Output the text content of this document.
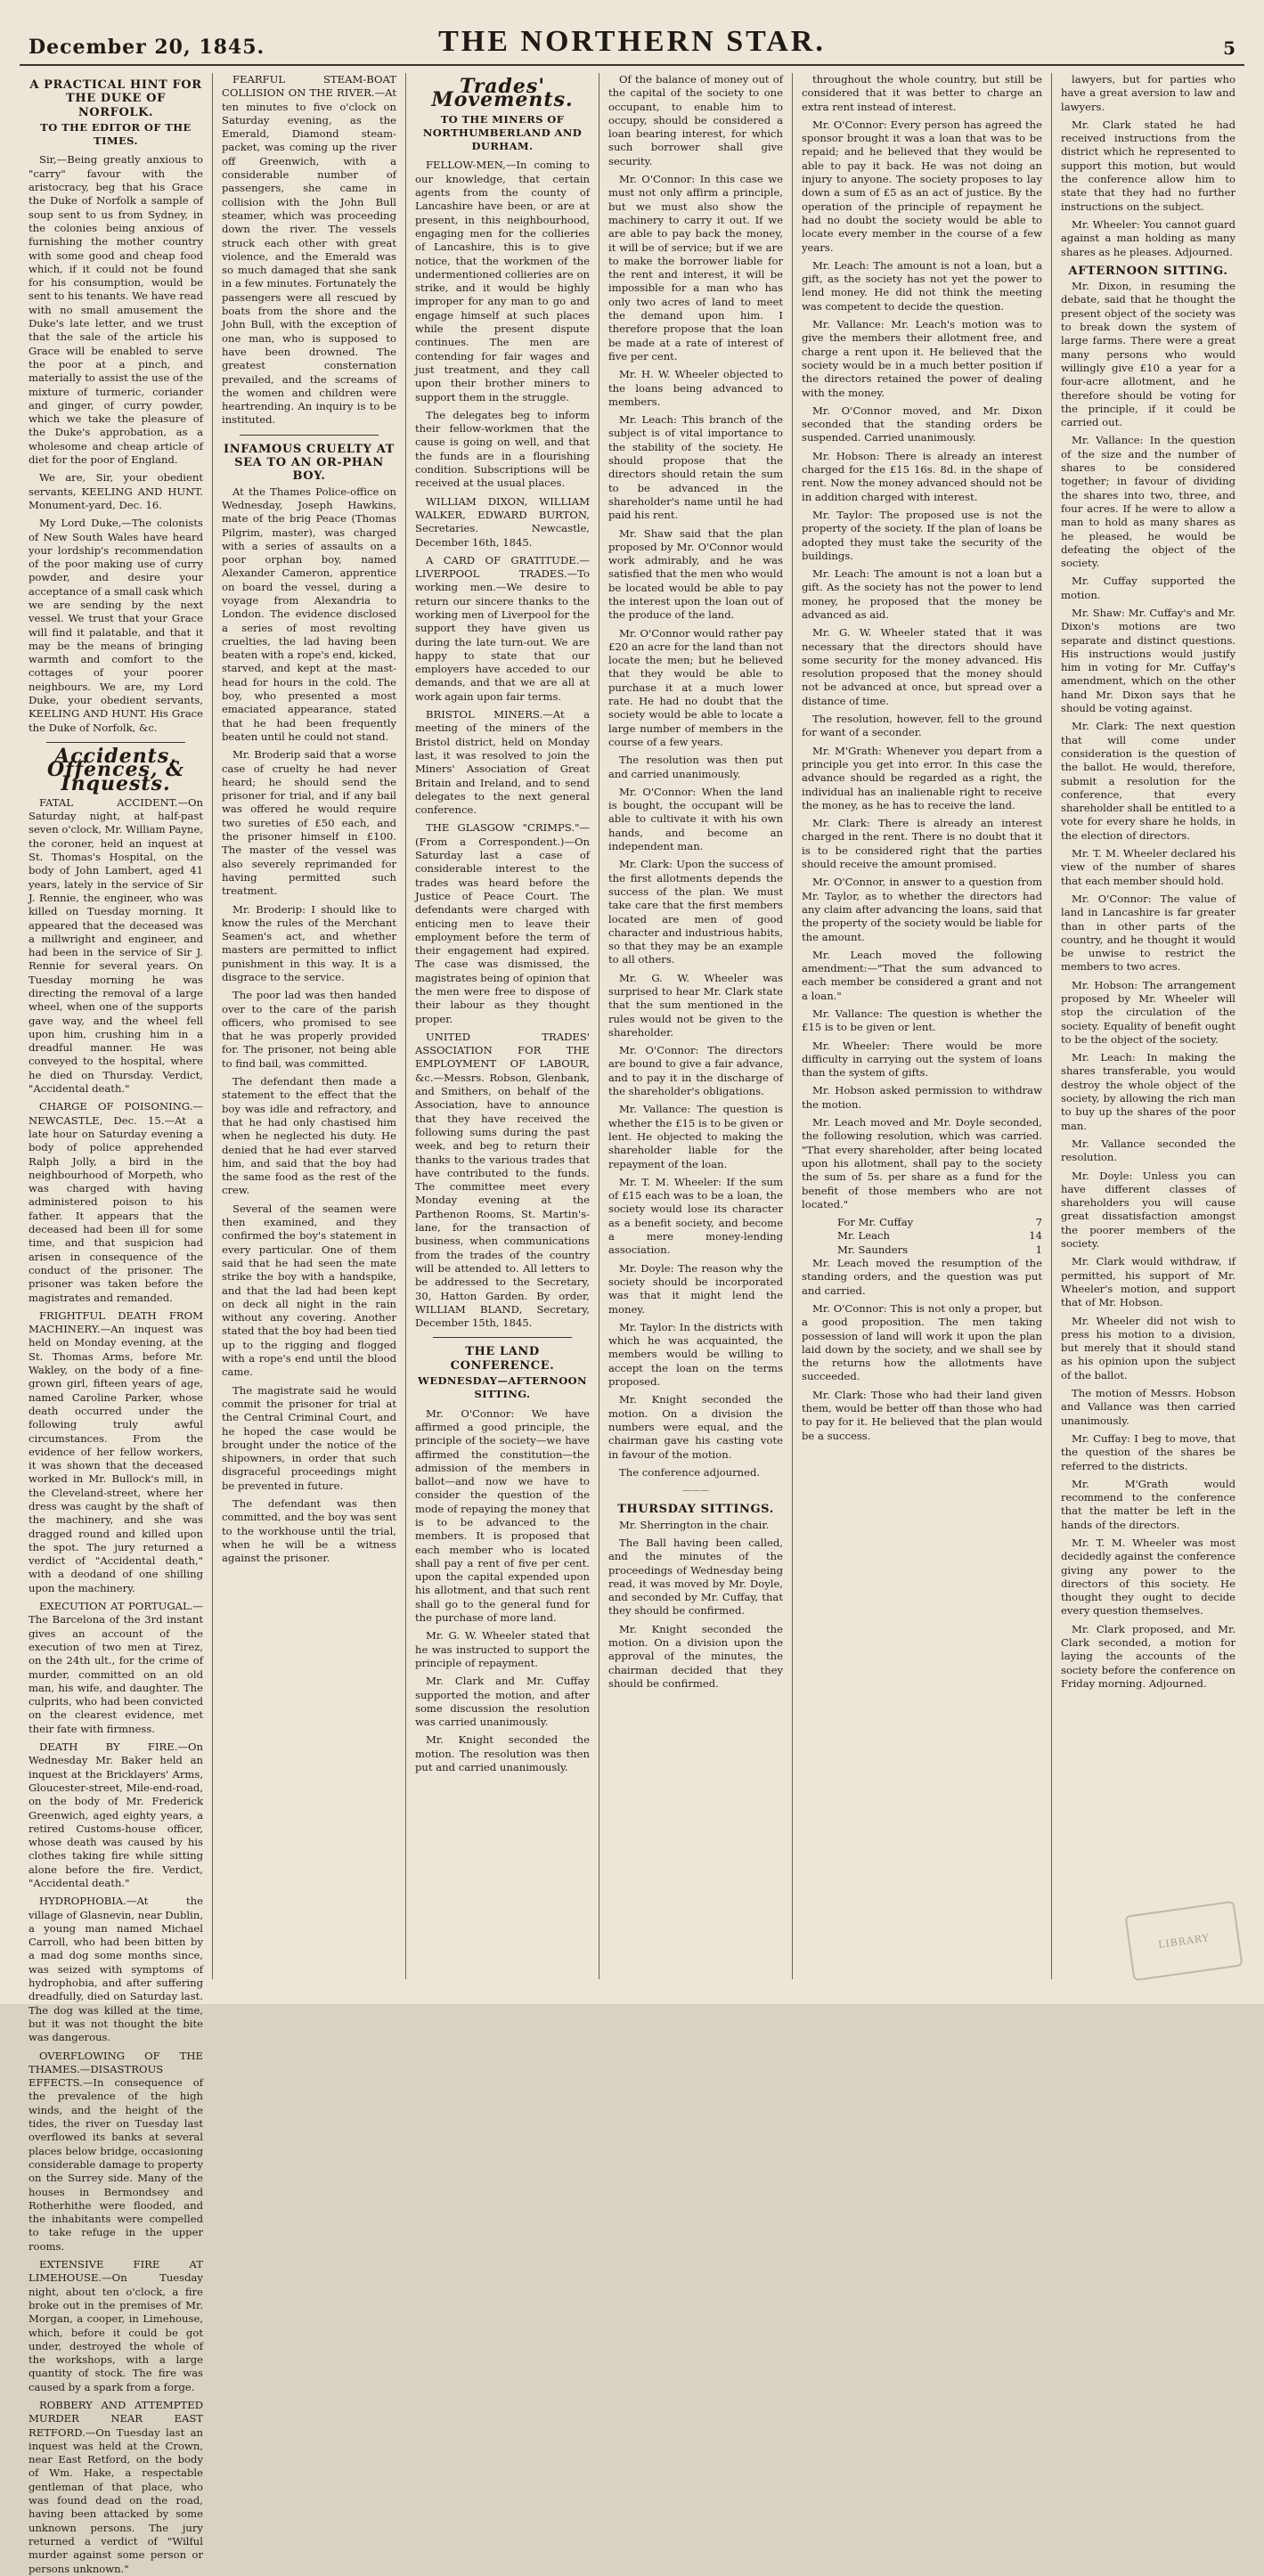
December 20, 1845.	THE NORTHERN STAR.	5
A PRACTICAL HINT FOR THE DUKE OF NORFOLK.
TO THE EDITOR OF THE TIMES.

Sir,—Being greatly anxious to "carry" favour with the aristocracy, beg that his Grace the Duke of Norfolk a sample of soup sent to us from Sydney, in the colonies being anxious of furnishing the mother country with some good and cheap food which, if it could not be found for his consumption, would be sent to his tenants. We have read with no small amusement the Duke's late letter, and we trust that the sale of the article his Grace will be enabled to serve the poor at a pinch, and materially to assist the use of the mixture of turmeric, coriander and ginger, of curry powder, which we take the pleasure of the Duke's approbation, as a wholesome and cheap article of diet for the poor of England.

We are, Sir, your obedient servants, KEELING AND HUNT. Monument-yard, Dec. 16.

My Lord Duke,—The colonists of New South Wales have heard your lordship's recommendation of the poor making use of curry powder, and desire your acceptance of a small cask which we are sending by the next vessel. We trust that your Grace will find it palatable, and that it may be the means of bringing warmth and comfort to the cottages of your poorer neighbours. We are, my Lord Duke, your obedient servants, KEELING AND HUNT. His Grace the Duke of Norfolk, &c.

Accidents, Offences, & Inquests.

FATAL ACCIDENT.—On Saturday night, at half-past seven o'clock, Mr. William Payne, the coroner, held an inquest at St. Thomas's Hospital, on the body of John Lambert, aged 41 years, lately in the service of Sir J. Rennie, the engineer, who was killed on Tuesday morning. It appeared that the deceased was a millwright and engineer, and had been in the service of Sir J. Rennie for several years. On Tuesday morning he was directing the removal of a large wheel, when one of the supports gave way, and the wheel fell upon him, crushing him in a dreadful manner. He was conveyed to the hospital, where he died on Thursday. Verdict, "Accidental death."

CHARGE OF POISONING.—NEWCASTLE, Dec. 15.—At a late hour on Saturday evening a body of police apprehended Ralph Jolly, a bird in the neighbourhood of Morpeth, who was charged with having administered poison to his father. It appears that the deceased had been ill for some time, and that suspicion had arisen in consequence of the conduct of the prisoner. The prisoner was taken before the magistrates and remanded.

FRIGHTFUL DEATH FROM MACHINERY.—An inquest was held on Monday evening, at the St. Thomas Arms, before Mr. Wakley, on the body of a fine-grown girl, fifteen years of age, named Caroline Parker, whose death occurred under the following truly awful circumstances. From the evidence of her fellow workers, it was shown that the deceased worked in Mr. Bullock's mill, in the Cleveland-street, where her dress was caught by the shaft of the machinery, and she was dragged round and killed upon the spot. The jury returned a verdict of "Accidental death," with a deodand of one shilling upon the machinery.

EXECUTION AT PORTUGAL.—The Barcelona of the 3rd instant gives an account of the execution of two men at Tirez, on the 24th ult., for the crime of murder, committed on an old man, his wife, and daughter. The culprits, who had been convicted on the clearest evidence, met their fate with firmness.

DEATH BY FIRE.—On Wednesday Mr. Baker held an inquest at the Bricklayers' Arms, Gloucester-street, Mile-end-road, on the body of Mr. Frederick Greenwich, aged eighty years, a retired Customs-house officer, whose death was caused by his clothes taking fire while sitting alone before the fire. Verdict, "Accidental death."

HYDROPHOBIA.—At the village of Glasnevin, near Dublin, a young man named Michael Carroll, who had been bitten by a mad dog some months since, was seized with symptoms of hydrophobia, and after suffering dreadfully, died on Saturday last. The dog was killed at the time, but it was not thought the bite was dangerous.

OVERFLOWING OF THE THAMES.—DISASTROUS EFFECTS.—In consequence of the prevalence of the high winds, and the height of the tides, the river on Tuesday last overflowed its banks at several places below bridge, occasioning considerable damage to property on the Surrey side. Many of the houses in Bermondsey and Rotherhithe were flooded, and the inhabitants were compelled to take refuge in the upper rooms.

EXTENSIVE FIRE AT LIMEHOUSE.—On Tuesday night, about ten o'clock, a fire broke out in the premises of Mr. Morgan, a cooper, in Limehouse, which, before it could be got under, destroyed the whole of the workshops, with a large quantity of stock. The fire was caused by a spark from a forge.

ROBBERY AND ATTEMPTED MURDER NEAR EAST RETFORD.—On Tuesday last an inquest was held at the Crown, near East Retford, on the body of Wm. Hake, a respectable gentleman of that place, who was found dead on the road, having been attacked by some unknown persons. The jury returned a verdict of "Wilful murder against some person or persons unknown."

FEARFUL STEAM-BOAT COLLISION ON THE RIVER.—At ten minutes to five o'clock on Saturday evening, as the Emerald, Diamond steam-packet, was coming up the river off Greenwich, with a considerable number of passengers, she came in collision with the John Bull steamer, which was proceeding down the river. The vessels struck each other with great violence, and the Emerald was so much damaged that she sank in a few minutes. Fortunately the passengers were all rescued by boats from the shore and the John Bull, with the exception of one man, who is supposed to have been drowned. The greatest consternation prevailed, and the screams of the women and children were heartrending. An inquiry is to be instituted.

INFAMOUS CRUELTY AT SEA TO AN OR-PHAN BOY.

At the Thames Police-office on Wednesday, Joseph Hawkins, mate of the brig Peace (Thomas Pilgrim, master), was charged with a series of assaults on a poor orphan boy, named Alexander Cameron, apprentice on board the vessel, during a voyage from Alexandria to London. The evidence disclosed a series of most revolting cruelties, the lad having been beaten with a rope's end, kicked, starved, and kept at the mast-head for hours in the cold. The boy, who presented a most emaciated appearance, stated that he had been frequently beaten until he could not stand.

Mr. Broderip said that a worse case of cruelty he had never heard; he should send the prisoner for trial, and if any bail was offered he would require two sureties of £50 each, and the prisoner himself in £100. The master of the vessel was also severely reprimanded for having permitted such treatment.

Mr. Broderip: I should like to know the rules of the Merchant Seamen's act, and whether masters are permitted to inflict punishment in this way. It is a disgrace to the service.

The poor lad was then handed over to the care of the parish officers, who promised to see that he was properly provided for. The prisoner, not being able to find bail, was committed.

The defendant then made a statement to the effect that the boy was idle and refractory, and that he had only chastised him when he neglected his duty. He denied that he had ever starved him, and said that the boy had the same food as the rest of the crew.

Several of the seamen were then examined, and they confirmed the boy's statement in every particular. One of them said that he had seen the mate strike the boy with a handspike, and that the lad had been kept on deck all night in the rain without any covering. Another stated that the boy had been tied up to the rigging and flogged with a rope's end until the blood came.

The magistrate said he would commit the prisoner for trial at the Central Criminal Court, and he hoped the case would be brought under the notice of the shipowners, in order that such disgraceful proceedings might be prevented in future.

The defendant was then committed, and the boy was sent to the workhouse until the trial, when he will be a witness against the prisoner.

Trades' Movements.
TO THE MINERS OF NORTHUMBERLAND AND DURHAM.

FELLOW-MEN,—In coming to our knowledge, that certain agents from the county of Lancashire have been, or are at present, in this neighbourhood, engaging men for the collieries of Lancashire, this is to give notice, that the workmen of the undermentioned collieries are on strike, and it would be highly improper for any man to go and engage himself at such places while the present dispute continues. The men are contending for fair wages and just treatment, and they call upon their brother miners to support them in the struggle.

The delegates beg to inform their fellow-workmen that the cause is going on well, and that the funds are in a flourishing condition. Subscriptions will be received at the usual places.

WILLIAM DIXON, WILLIAM WALKER, EDWARD BURTON, Secretaries. Newcastle, December 16th, 1845.

A CARD OF GRATITUDE.—LIVERPOOL TRADES.—To working men.—We desire to return our sincere thanks to the working men of Liverpool for the support they have given us during the late turn-out. We are happy to state that our employers have acceded to our demands, and that we are all at work again upon fair terms.

BRISTOL MINERS.—At a meeting of the miners of the Bristol district, held on Monday last, it was resolved to join the Miners' Association of Great Britain and Ireland, and to send delegates to the next general conference.

THE GLASGOW "CRIMPS."—(From a Correspondent.)—On Saturday last a case of considerable interest to the trades was heard before the Justice of Peace Court. The defendants were charged with enticing men to leave their employment before the term of their engagement had expired. The case was dismissed, the magistrates being of opinion that the men were free to dispose of their labour as they thought proper.

UNITED TRADES' ASSOCIATION FOR THE EMPLOYMENT OF LABOUR, &c.—Messrs. Robson, Glenbank, and Smithers, on behalf of the Association, have to announce that they have received the following sums during the past week, and beg to return their thanks to the various trades that have contributed to the funds. The committee meet every Monday evening at the Parthenon Rooms, St. Martin's-lane, for the transaction of business, when communications from the trades of the country will be attended to. All letters to be addressed to the Secretary, 30, Hatton Garden. By order, WILLIAM BLAND, Secretary, December 15th, 1845.

THE LAND CONFERENCE.
WEDNESDAY—AFTERNOON SITTING.

Mr. O'Connor: We have affirmed a good principle, the principle of the society—we have affirmed the constitution—the admission of the members in ballot—and now we have to consider the question of the mode of repaying the money that is to be advanced to the members. It is proposed that each member who is located shall pay a rent of five per cent. upon the capital expended upon his allotment, and that such rent shall go to the general fund for the purchase of more land.

Mr. G. W. Wheeler stated that he was instructed to support the principle of repayment.

Mr. Clark and Mr. Cuffay supported the motion, and after some discussion the resolution was carried unanimously.

Mr. Knight seconded the motion. The resolution was then put and carried unanimously.

Of the balance of money out of the capital of the society to one occupant, to enable him to occupy, should be considered a loan bearing interest, for which such borrower shall give security.

Mr. O'Connor: In this case we must not only affirm a principle, but we must also show the machinery to carry it out. If we are able to pay back the money, it will be of service; but if we are to make the borrower liable for the rent and interest, it will be impossible for a man who has only two acres of land to meet the demand upon him. I therefore propose that the loan be made at a rate of interest of five per cent.

Mr. H. W. Wheeler objected to the loans being advanced to members.

Mr. Leach: This branch of the subject is of vital importance to the stability of the society. He should propose that the directors should retain the sum to be advanced in the shareholder's name until he had paid his rent.

Mr. Shaw said that the plan proposed by Mr. O'Connor would work admirably, and he was satisfied that the men who would be located would be able to pay the interest upon the loan out of the produce of the land.

Mr. O'Connor would rather pay £20 an acre for the land than not locate the men; but he believed that they would be able to purchase it at a much lower rate. He had no doubt that the society would be able to locate a large number of members in the course of a few years.

The resolution was then put and carried unanimously.

Mr. O'Connor: When the land is bought, the occupant will be able to cultivate it with his own hands, and become an independent man.

Mr. Clark: Upon the success of the first allotments depends the success of the plan. We must take care that the first members located are men of good character and industrious habits, so that they may be an example to all others.

Mr. G. W. Wheeler was surprised to hear Mr. Clark state that the sum mentioned in the rules would not be given to the shareholder.

Mr. O'Connor: The directors are bound to give a fair advance, and to pay it in the discharge of the shareholder's obligations.

Mr. Vallance: The question is whether the £15 is to be given or lent. He objected to making the shareholder liable for the repayment of the loan.

Mr. T. M. Wheeler: If the sum of £15 each was to be a loan, the society would lose its character as a benefit society, and become a mere money-lending association.

Mr. Doyle: The reason why the society should be incorporated was that it might lend the money.

Mr. Taylor: In the districts with which he was acquainted, the members would be willing to accept the loan on the terms proposed.

Mr. Knight seconded the motion. On a division the numbers were equal, and the chairman gave his casting vote in favour of the motion.

The conference adjourned.

———
THURSDAY SITTINGS.

Mr. Sherrington in the chair.

The Ball having been called, and the minutes of the proceedings of Wednesday being read, it was moved by Mr. Doyle, and seconded by Mr. Cuffay, that they should be confirmed.

Mr. Knight seconded the motion. On a division upon the approval of the minutes, the chairman decided that they should be confirmed.

throughout the whole country, but still be considered that it was better to charge an extra rent instead of interest.

Mr. O'Connor: Every person has agreed the sponsor brought it was a loan that was to be repaid; and he believed that they would be able to pay it back. He was not doing an injury to anyone. The society proposes to lay down a sum of £5 as an act of justice. By the operation of the principle of repayment he had no doubt the society would be able to locate every member in the course of a few years.

Mr. Leach: The amount is not a loan, but a gift, as the society has not yet the power to lend money. He did not think the meeting was competent to decide the question.

Mr. Vallance: Mr. Leach's motion was to give the members their allotment free, and charge a rent upon it. He believed that the society would be in a much better position if the directors retained the power of dealing with the money.

Mr. O'Connor moved, and Mr. Dixon seconded that the standing orders be suspended. Carried unanimously.

Mr. Hobson: There is already an interest charged for the £15 16s. 8d. in the shape of rent. Now the money advanced should not be in addition charged with interest.

Mr. Taylor: The proposed use is not the property of the society. If the plan of loans be adopted they must take the security of the buildings.

Mr. Leach: The amount is not a loan but a gift. As the society has not the power to lend money, he proposed that the money be advanced as aid.

Mr. G. W. Wheeler stated that it was necessary that the directors should have some security for the money advanced. His resolution proposed that the money should not be advanced at once, but spread over a distance of time.

The resolution, however, fell to the ground for want of a seconder.

Mr. M'Grath: Whenever you depart from a principle you get into error. In this case the advance should be regarded as a right, the individual has an inalienable right to receive the money, as he has to receive the land.

Mr. Clark: There is already an interest charged in the rent. There is no doubt that it is to be considered right that the parties should receive the amount promised.

Mr. O'Connor, in answer to a question from Mr. Taylor, as to whether the directors had any claim after advancing the loans, said that the property of the society would be liable for the amount.

Mr. Leach moved the following amendment:—"That the sum advanced to each member be considered a grant and not a loan."

Mr. Vallance: The question is whether the £15 is to be given or lent.

Mr. Wheeler: There would be more difficulty in carrying out the system of loans than the system of gifts.

Mr. Hobson asked permission to withdraw the motion.

Mr. Leach moved and Mr. Doyle seconded, the following resolution, which was carried. "That every shareholder, after being located upon his allotment, shall pay to the society the sum of 5s. per share as a fund for the benefit of those members who are not located."

For Mr. Cuffay	7
Mr. Leach	14
Mr. Saunders	1

Mr. Leach moved the resumption of the standing orders, and the question was put and carried.

Mr. O'Connor: This is not only a proper, but a good proposition. The men taking possession of land will work it upon the plan laid down by the society, and we shall see by the returns how the allotments have succeeded.

Mr. Clark: Those who had their land given them, would be better off than those who had to pay for it. He believed that the plan would be a success.

lawyers, but for parties who have a great aversion to law and lawyers.

Mr. Clark stated he had received instructions from the district which he represented to support this motion, but would the conference allow him to state that they had no further instructions on the subject.

Mr. Wheeler: You cannot guard against a man holding as many shares as he pleases. Adjourned.

AFTERNOON SITTING.

Mr. Dixon, in resuming the debate, said that he thought the present object of the society was to break down the system of large farms. There were a great many persons who would willingly give £10 a year for a four-acre allotment, and he therefore should be voting for the principle, if it could be carried out.

Mr. Vallance: In the question of the size and the number of shares to be considered together; in favour of dividing the shares into two, three, and four acres. If he were to allow a man to hold as many shares as he pleased, he would be defeating the object of the society.

Mr. Cuffay supported the motion.

Mr. Shaw: Mr. Cuffay's and Mr. Dixon's motions are two separate and distinct questions. His instructions would justify him in voting for Mr. Cuffay's amendment, which on the other hand Mr. Dixon says that he should be voting against.

Mr. Clark: The next question that will come under consideration is the question of the ballot. He would, therefore, submit a resolution for the conference, that every shareholder shall be entitled to a vote for every share he holds, in the election of directors.

Mr. T. M. Wheeler declared his view of the number of shares that each member should hold.

Mr. O'Connor: The value of land in Lancashire is far greater than in other parts of the country, and he thought it would be unwise to restrict the members to two acres.

Mr. Hobson: The arrangement proposed by Mr. Wheeler will stop the circulation of the society. Equality of benefit ought to be the object of the society.

Mr. Leach: In making the shares transferable, you would destroy the whole object of the society, by allowing the rich man to buy up the shares of the poor man.

Mr. Vallance seconded the resolution.

Mr. Doyle: Unless you can have different classes of shareholders you will cause great dissatisfaction amongst the poorer members of the society.

Mr. Clark would withdraw, if permitted, his support of Mr. Wheeler's motion, and support that of Mr. Hobson.

Mr. Wheeler did not wish to press his motion to a division, but merely that it should stand as his opinion upon the subject of the ballot.

The motion of Messrs. Hobson and Vallance was then carried unanimously.

Mr. Cuffay: I beg to move, that the question of the shares be referred to the districts.

Mr. M'Grath would recommend to the conference that the matter be left in the hands of the directors.

Mr. T. M. Wheeler was most decidedly against the conference giving any power to the directors of this society. He thought they ought to decide every question themselves.

Mr. Clark proposed, and Mr. Clark seconded, a motion for laying the accounts of the society before the conference on Friday morning. Adjourned.

LIBRARY
